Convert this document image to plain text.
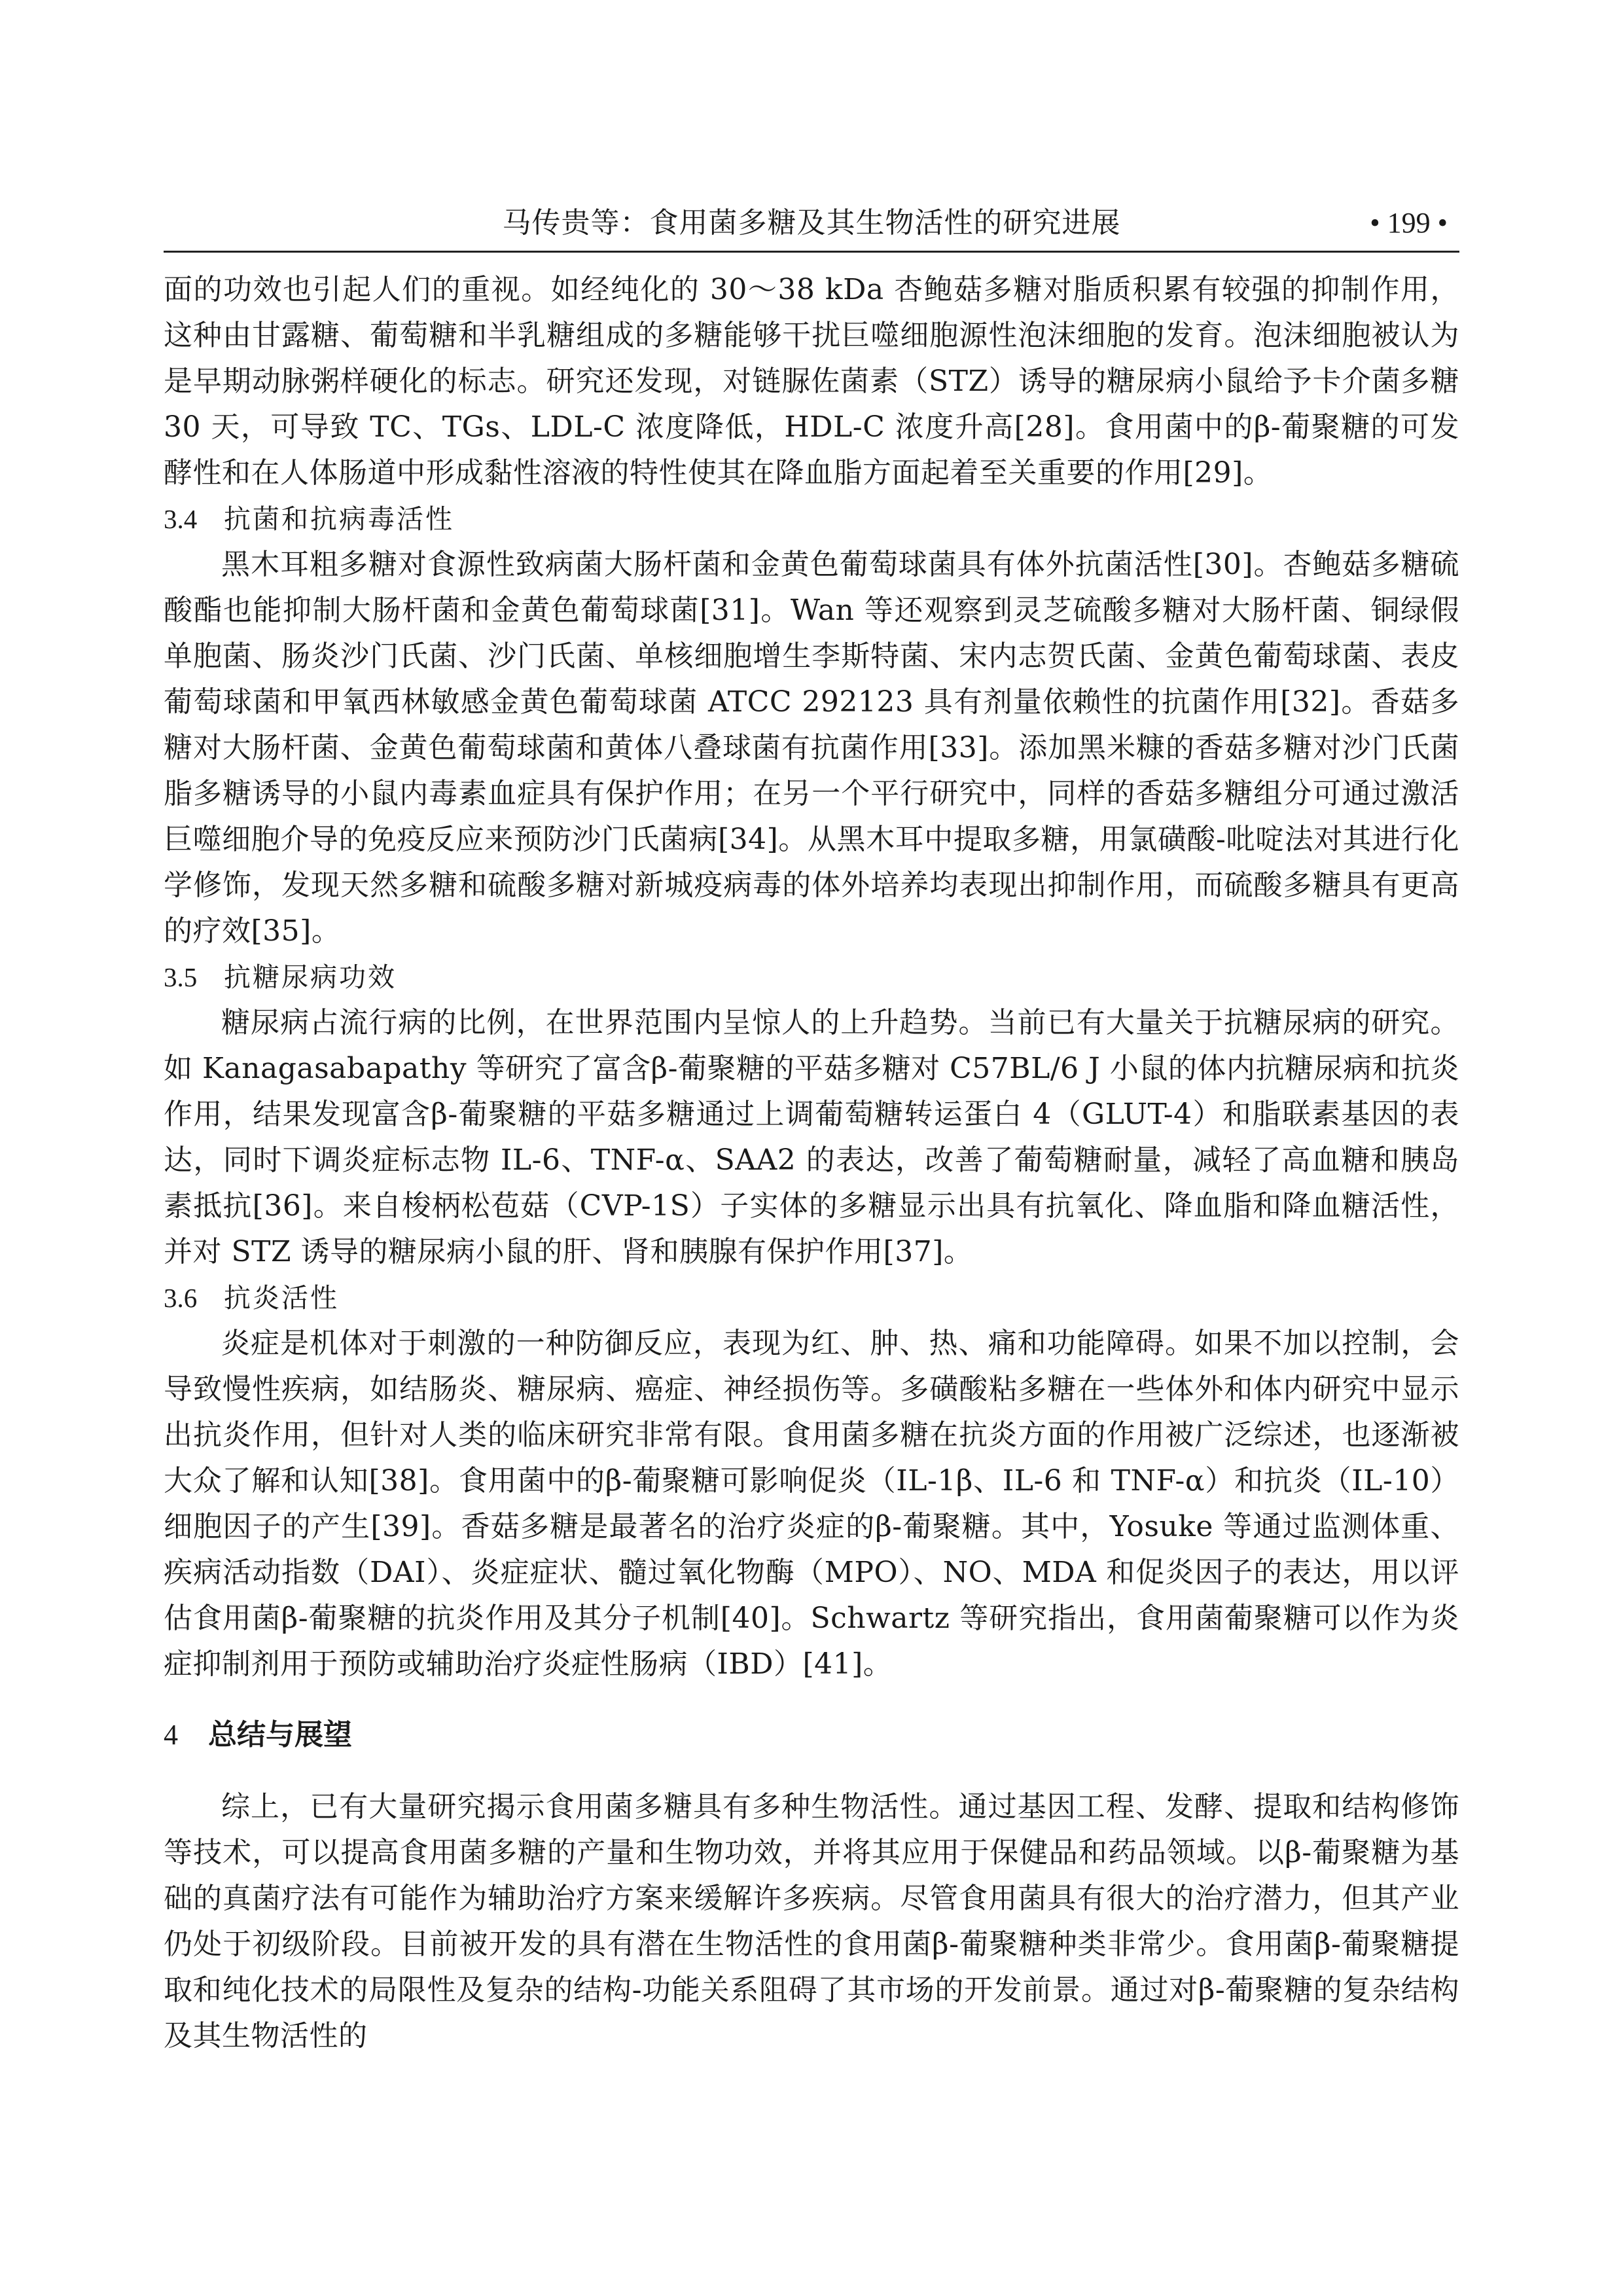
马传贵等：食用菌多糖及其生物活性的研究进展	• 199 •

面的功效也引起人们的重视。如经纯化的 30～38 kDa 杏鲍菇多糖对脂质积累有较强的抑制作用，这种由甘露糖、葡萄糖和半乳糖组成的多糖能够干扰巨噬细胞源性泡沫细胞的发育。泡沫细胞被认为是早期动脉粥样硬化的标志。研究还发现，对链脲佐菌素（STZ）诱导的糖尿病小鼠给予卡介菌多糖 30 天，可导致 TC、TGs、LDL-C 浓度降低，HDL-C 浓度升高[28]。食用菌中的β-葡聚糖的可发酵性和在人体肠道中形成黏性溶液的特性使其在降血脂方面起着至关重要的作用[29]。

3.4 抗菌和抗病毒活性

黑木耳粗多糖对食源性致病菌大肠杆菌和金黄色葡萄球菌具有体外抗菌活性[30]。杏鲍菇多糖硫酸酯也能抑制大肠杆菌和金黄色葡萄球菌[31]。Wan 等还观察到灵芝硫酸多糖对大肠杆菌、铜绿假单胞菌、肠炎沙门氏菌、沙门氏菌、单核细胞增生李斯特菌、宋内志贺氏菌、金黄色葡萄球菌、表皮葡萄球菌和甲氧西林敏感金黄色葡萄球菌 ATCC 292123 具有剂量依赖性的抗菌作用[32]。香菇多糖对大肠杆菌、金黄色葡萄球菌和黄体八叠球菌有抗菌作用[33]。添加黑米糠的香菇多糖对沙门氏菌脂多糖诱导的小鼠内毒素血症具有保护作用；在另一个平行研究中，同样的香菇多糖组分可通过激活巨噬细胞介导的免疫反应来预防沙门氏菌病[34]。从黑木耳中提取多糖，用氯磺酸-吡啶法对其进行化学修饰，发现天然多糖和硫酸多糖对新城疫病毒的体外培养均表现出抑制作用，而硫酸多糖具有更高的疗效[35]。

3.5 抗糖尿病功效

糖尿病占流行病的比例，在世界范围内呈惊人的上升趋势。当前已有大量关于抗糖尿病的研究。如 Kanagasabapathy 等研究了富含β-葡聚糖的平菇多糖对 C57BL/6 J 小鼠的体内抗糖尿病和抗炎作用，结果发现富含β-葡聚糖的平菇多糖通过上调葡萄糖转运蛋白 4（GLUT-4）和脂联素基因的表达，同时下调炎症标志物 IL-6、TNF-α、SAA2 的表达，改善了葡萄糖耐量，减轻了高血糖和胰岛素抵抗[36]。来自梭柄松苞菇（CVP-1S）子实体的多糖显示出具有抗氧化、降血脂和降血糖活性，并对 STZ 诱导的糖尿病小鼠的肝、肾和胰腺有保护作用[37]。

3.6 抗炎活性

炎症是机体对于刺激的一种防御反应，表现为红、肿、热、痛和功能障碍。如果不加以控制，会导致慢性疾病，如结肠炎、糖尿病、癌症、神经损伤等。多磺酸粘多糖在一些体外和体内研究中显示出抗炎作用，但针对人类的临床研究非常有限。食用菌多糖在抗炎方面的作用被广泛综述，也逐渐被大众了解和认知[38]。食用菌中的β-葡聚糖可影响促炎（IL-1β、IL-6 和 TNF-α）和抗炎（IL-10）细胞因子的产生[39]。香菇多糖是最著名的治疗炎症的β-葡聚糖。其中，Yosuke 等通过监测体重、疾病活动指数（DAI）、炎症症状、髓过氧化物酶（MPO）、NO、MDA 和促炎因子的表达，用以评估食用菌β-葡聚糖的抗炎作用及其分子机制[40]。Schwartz 等研究指出，食用菌葡聚糖可以作为炎症抑制剂用于预防或辅助治疗炎症性肠病（IBD）[41]。

4 总结与展望

综上，已有大量研究揭示食用菌多糖具有多种生物活性。通过基因工程、发酵、提取和结构修饰等技术，可以提高食用菌多糖的产量和生物功效，并将其应用于保健品和药品领域。以β-葡聚糖为基础的真菌疗法有可能作为辅助治疗方案来缓解许多疾病。尽管食用菌具有很大的治疗潜力，但其产业仍处于初级阶段。目前被开发的具有潜在生物活性的食用菌β-葡聚糖种类非常少。食用菌β-葡聚糖提取和纯化技术的局限性及复杂的结构-功能关系阻碍了其市场的开发前景。通过对β-葡聚糖的复杂结构及其生物活性的
